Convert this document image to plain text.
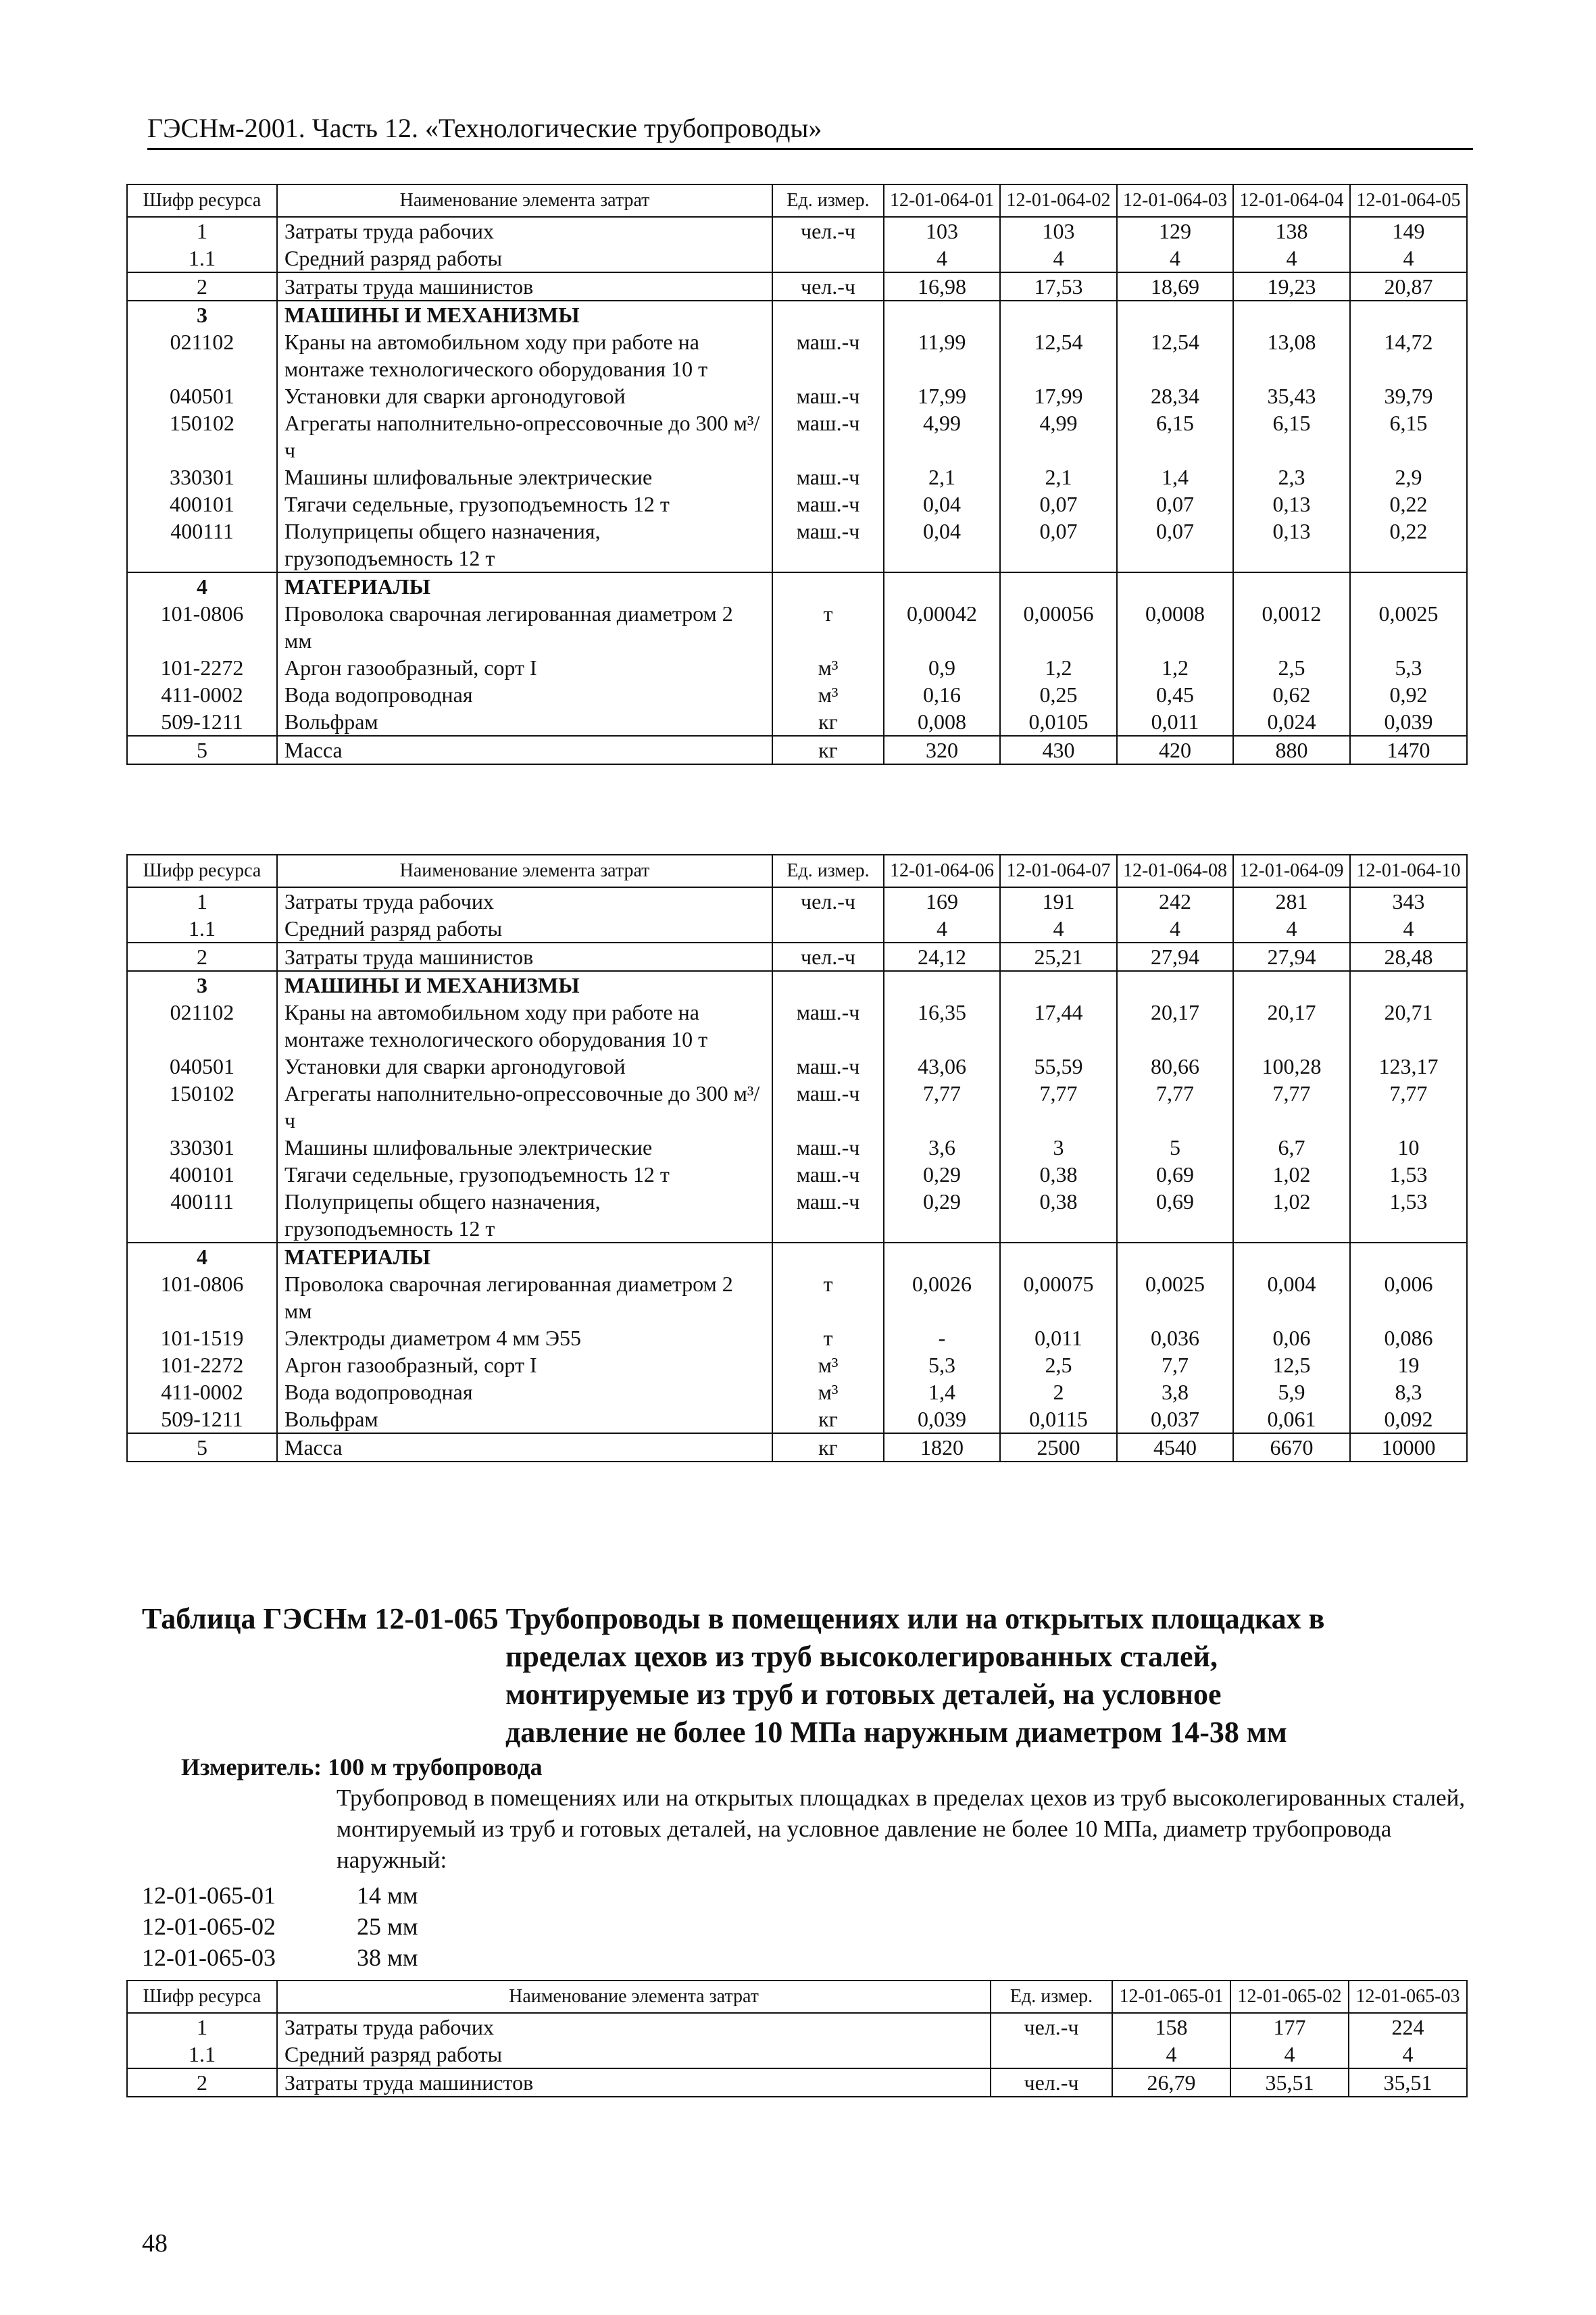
ГЭСНм-2001. Часть 12. «Технологические трубопроводы»
Шифр ресурса	Наименование элемента затрат	Ед. измер.	12-01-064-01	12-01-064-02	12-01-064-03	12-01-064-04	12-01-064-05
1	Затраты труда рабочих	чел.-ч	103	103	129	138	149
1.1	Средний разряд работы		4	4	4	4	4
2	Затраты труда машинистов	чел.-ч	16,98	17,53	18,69	19,23	20,87
3	МАШИНЫ И МЕХАНИЗМЫ						
021102	Краны на автомобильном ходу при работе на монтаже технологического оборудования 10 т	маш.-ч	11,99	12,54	12,54	13,08	14,72
040501	Установки для сварки аргонодуговой	маш.-ч	17,99	17,99	28,34	35,43	39,79
150102	Агрегаты наполнительно-опрессовочные до 300 м³/ч	маш.-ч	4,99	4,99	6,15	6,15	6,15
330301	Машины шлифовальные электрические	маш.-ч	2,1	2,1	1,4	2,3	2,9
400101	Тягачи седельные, грузоподъемность 12 т	маш.-ч	0,04	0,07	0,07	0,13	0,22
400111	Полуприцепы общего назначения, грузоподъемность 12 т	маш.-ч	0,04	0,07	0,07	0,13	0,22
4	МАТЕРИАЛЫ						
101-0806	Проволока сварочная легированная диаметром 2 мм	т	0,00042	0,00056	0,0008	0,0012	0,0025
101-2272	Аргон газообразный, сорт I	м³	0,9	1,2	1,2	2,5	5,3
411-0002	Вода водопроводная	м³	0,16	0,25	0,45	0,62	0,92
509-1211	Вольфрам	кг	0,008	0,0105	0,011	0,024	0,039
5	Масса	кг	320	430	420	880	1470
Шифр ресурса	Наименование элемента затрат	Ед. измер.	12-01-064-06	12-01-064-07	12-01-064-08	12-01-064-09	12-01-064-10
1	Затраты труда рабочих	чел.-ч	169	191	242	281	343
1.1	Средний разряд работы		4	4	4	4	4
2	Затраты труда машинистов	чел.-ч	24,12	25,21	27,94	27,94	28,48
3	МАШИНЫ И МЕХАНИЗМЫ						
021102	Краны на автомобильном ходу при работе на монтаже технологического оборудования 10 т	маш.-ч	16,35	17,44	20,17	20,17	20,71
040501	Установки для сварки аргонодуговой	маш.-ч	43,06	55,59	80,66	100,28	123,17
150102	Агрегаты наполнительно-опрессовочные до 300 м³/ч	маш.-ч	7,77	7,77	7,77	7,77	7,77
330301	Машины шлифовальные электрические	маш.-ч	3,6	3	5	6,7	10
400101	Тягачи седельные, грузоподъемность 12 т	маш.-ч	0,29	0,38	0,69	1,02	1,53
400111	Полуприцепы общего назначения, грузоподъемность 12 т	маш.-ч	0,29	0,38	0,69	1,02	1,53
4	МАТЕРИАЛЫ						
101-0806	Проволока сварочная легированная диаметром 2 мм	т	0,0026	0,00075	0,0025	0,004	0,006
101-1519	Электроды диаметром 4 мм Э55	т	-	0,011	0,036	0,06	0,086
101-2272	Аргон газообразный, сорт I	м³	5,3	2,5	7,7	12,5	19
411-0002	Вода водопроводная	м³	1,4	2	3,8	5,9	8,3
509-1211	Вольфрам	кг	0,039	0,0115	0,037	0,061	0,092
5	Масса	кг	1820	2500	4540	6670	10000
Таблица ГЭСНм 12-01-065 Трубопроводы в помещениях или на открытых площадках в
пределах цехов из труб высоколегированных сталей,
монтируемые из труб и готовых деталей, на условное
давление не более 10 МПа наружным диаметром 14-38 мм
Измеритель: 100 м трубопровода
Трубопровод в помещениях или на открытых площадках в пределах цехов из труб высоколегированных сталей, монтируемый из труб и готовых деталей, на условное давление не более 10 МПа, диаметр трубопровода наружный:
12-01-065-01	14 мм
12-01-065-02	25 мм
12-01-065-03	38 мм
Шифр ресурса	Наименование элемента затрат	Ед. измер.	12-01-065-01	12-01-065-02	12-01-065-03
1	Затраты труда рабочих	чел.-ч	158	177	224
1.1	Средний разряд работы		4	4	4
2	Затраты труда машинистов	чел.-ч	26,79	35,51	35,51
48
